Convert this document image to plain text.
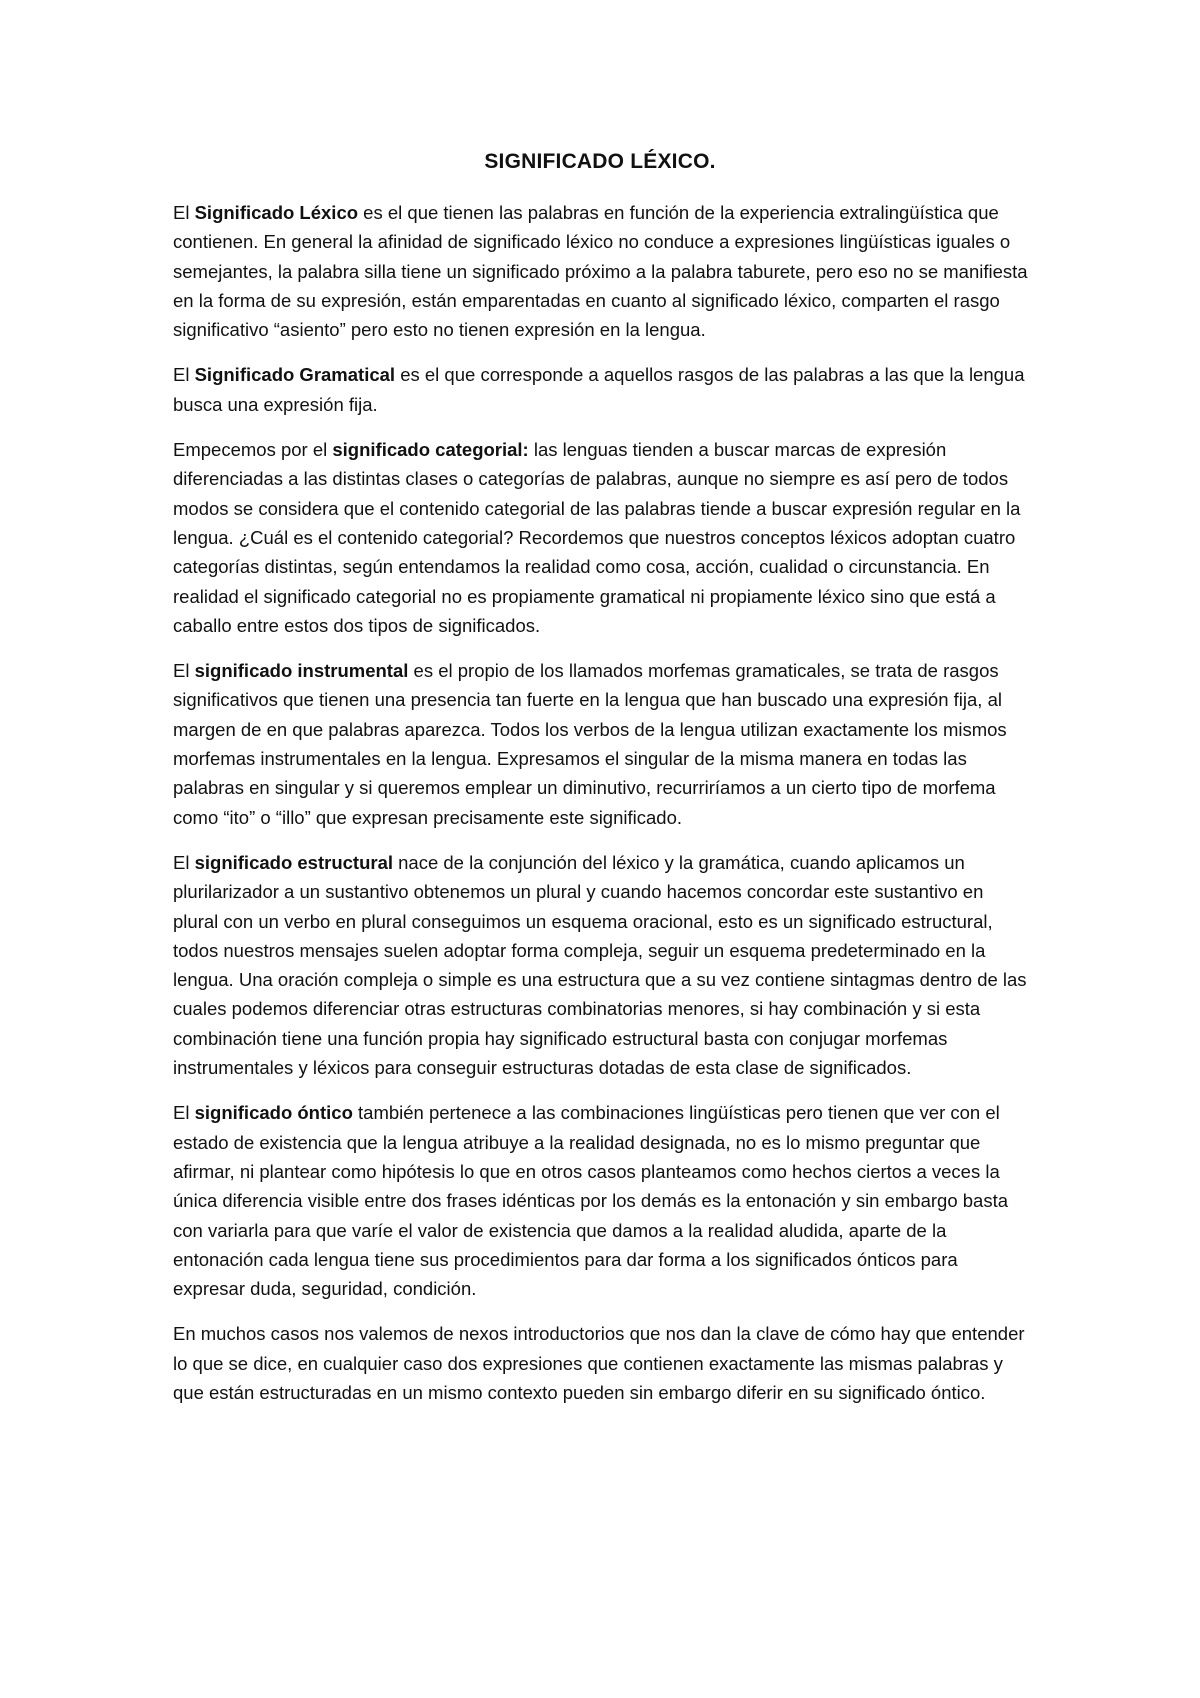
SIGNIFICADO LÉXICO.

El Significado Léxico es el que tienen las palabras en función de la experiencia extralingüística que contienen. En general la afinidad de significado léxico no conduce a expresiones lingüísticas iguales o semejantes, la palabra silla tiene un significado próximo a la palabra taburete, pero eso no se manifiesta en la forma de su expresión, están emparentadas en cuanto al significado léxico, comparten el rasgo significativo “asiento” pero esto no tienen expresión en la lengua.

El Significado Gramatical es el que corresponde a aquellos rasgos de las palabras a las que la lengua busca una expresión fija.

Empecemos por el significado categorial: las lenguas tienden a buscar marcas de expresión diferenciadas a las distintas clases o categorías de palabras, aunque no siempre es así pero de todos modos se considera que el contenido categorial de las palabras tiende a buscar expresión regular en la lengua. ¿Cuál es el contenido categorial? Recordemos que nuestros conceptos léxicos adoptan cuatro categorías distintas, según entendamos la realidad como cosa, acción, cualidad o circunstancia. En realidad el significado categorial no es propiamente gramatical ni propiamente léxico sino que está a caballo entre estos dos tipos de significados.

El significado instrumental es el propio de los llamados morfemas gramaticales, se trata de rasgos significativos que tienen una presencia tan fuerte en la lengua que han buscado una expresión fija, al margen de en que palabras aparezca. Todos los verbos de la lengua utilizan exactamente los mismos morfemas instrumentales en la lengua. Expresamos el singular de la misma manera en todas las palabras en singular y si queremos emplear un diminutivo, recurriríamos a un cierto tipo de morfema como “ito” o “illo” que expresan precisamente este significado.

El significado estructural nace de la conjunción del léxico y la gramática, cuando aplicamos un plurilarizador a un sustantivo obtenemos un plural y cuando hacemos concordar este sustantivo en plural con un verbo en plural conseguimos un esquema oracional, esto es un significado estructural, todos nuestros mensajes suelen adoptar forma compleja, seguir un esquema predeterminado en la lengua. Una oración compleja o simple es una estructura que a su vez contiene sintagmas dentro de las cuales podemos diferenciar otras estructuras combinatorias menores, si hay combinación y si esta combinación tiene una función propia hay significado estructural basta con conjugar morfemas instrumentales y léxicos para conseguir estructuras dotadas de esta clase de significados.

El significado óntico también pertenece a las combinaciones lingüísticas pero tienen que ver con el estado de existencia que la lengua atribuye a la realidad designada, no es lo mismo preguntar que afirmar, ni plantear como hipótesis lo que en otros casos planteamos como hechos ciertos a veces la única diferencia visible entre dos frases idénticas por los demás es la entonación y sin embargo basta con variarla para que varíe el valor de existencia que damos a la realidad aludida, aparte de la entonación cada lengua tiene sus procedimientos para dar forma a los significados ónticos para expresar duda, seguridad, condición.

En muchos casos nos valemos de nexos introductorios que nos dan la clave de cómo hay que entender lo que se dice, en cualquier caso dos expresiones que contienen exactamente las mismas palabras y que están estructuradas en un mismo contexto pueden sin embargo diferir en su significado óntico.
